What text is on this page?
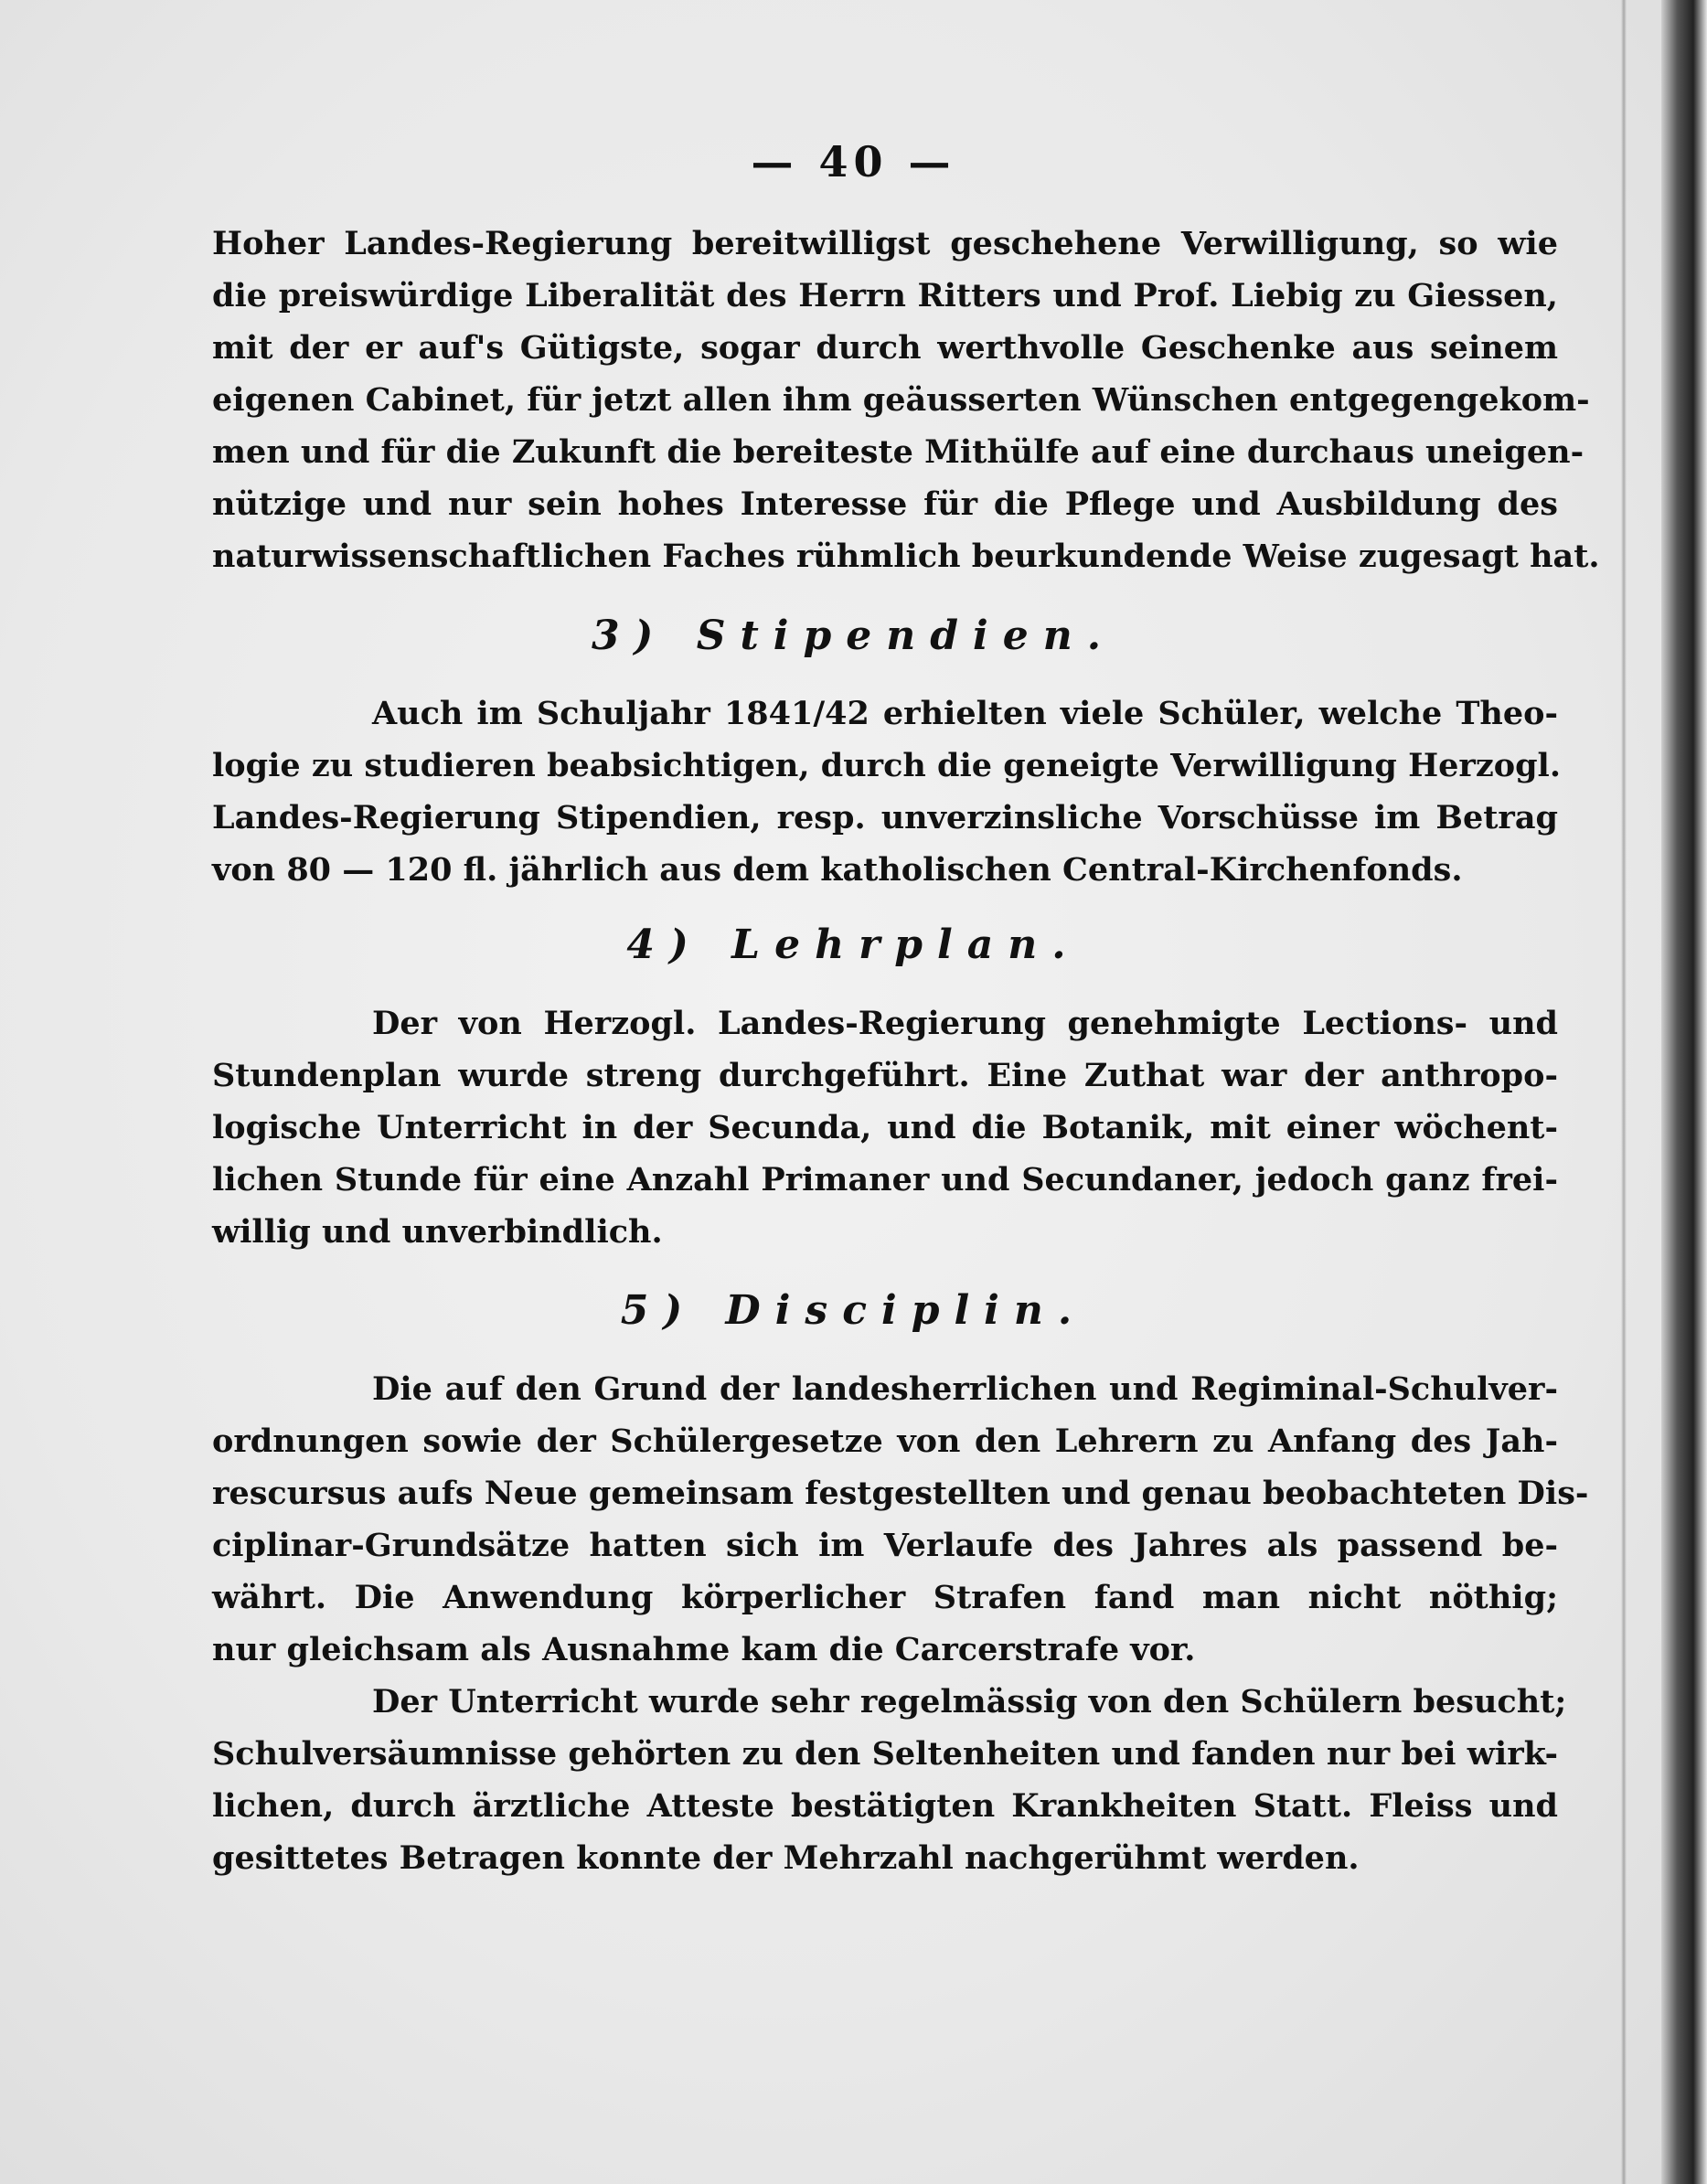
— 40 —
Hoher Landes-Regierung bereitwilligst geschehene Verwilligung, so wie
die preiswürdige Liberalität des Herrn Ritters und Prof. Liebig zu Giessen,
mit der er auf's Gütigste, sogar durch werthvolle Geschenke aus seinem
eigenen Cabinet, für jetzt allen ihm geäusserten Wünschen entgegengekom-
men und für die Zukunft die bereiteste Mithülfe auf eine durchaus uneigen-
nützige und nur sein hohes Interesse für die Pflege und Ausbildung des
naturwissenschaftlichen Faches rühmlich beurkundende Weise zugesagt hat.
3) Stipendien.
Auch im Schuljahr 1841/42 erhielten viele Schüler, welche Theo-
logie zu studieren beabsichtigen, durch die geneigte Verwilligung Herzogl.
Landes-Regierung Stipendien, resp. unverzinsliche Vorschüsse im Betrag
von 80 — 120 fl. jährlich aus dem katholischen Central-Kirchenfonds.
4) Lehrplan.
Der von Herzogl. Landes-Regierung genehmigte Lections- und
Stundenplan wurde streng durchgeführt. Eine Zuthat war der anthropo-
logische Unterricht in der Secunda, und die Botanik, mit einer wöchent-
lichen Stunde für eine Anzahl Primaner und Secundaner, jedoch ganz frei-
willig und unverbindlich.
5) Disciplin.
Die auf den Grund der landesherrlichen und Regiminal-Schulver-
ordnungen sowie der Schülergesetze von den Lehrern zu Anfang des Jah-
rescursus aufs Neue gemeinsam festgestellten und genau beobachteten Dis-
ciplinar-Grundsätze hatten sich im Verlaufe des Jahres als passend be-
währt. Die Anwendung körperlicher Strafen fand man nicht nöthig;
nur gleichsam als Ausnahme kam die Carcerstrafe vor.
Der Unterricht wurde sehr regelmässig von den Schülern besucht;
Schulversäumnisse gehörten zu den Seltenheiten und fanden nur bei wirk-
lichen, durch ärztliche Atteste bestätigten Krankheiten Statt. Fleiss und
gesittetes Betragen konnte der Mehrzahl nachgerühmt werden.
